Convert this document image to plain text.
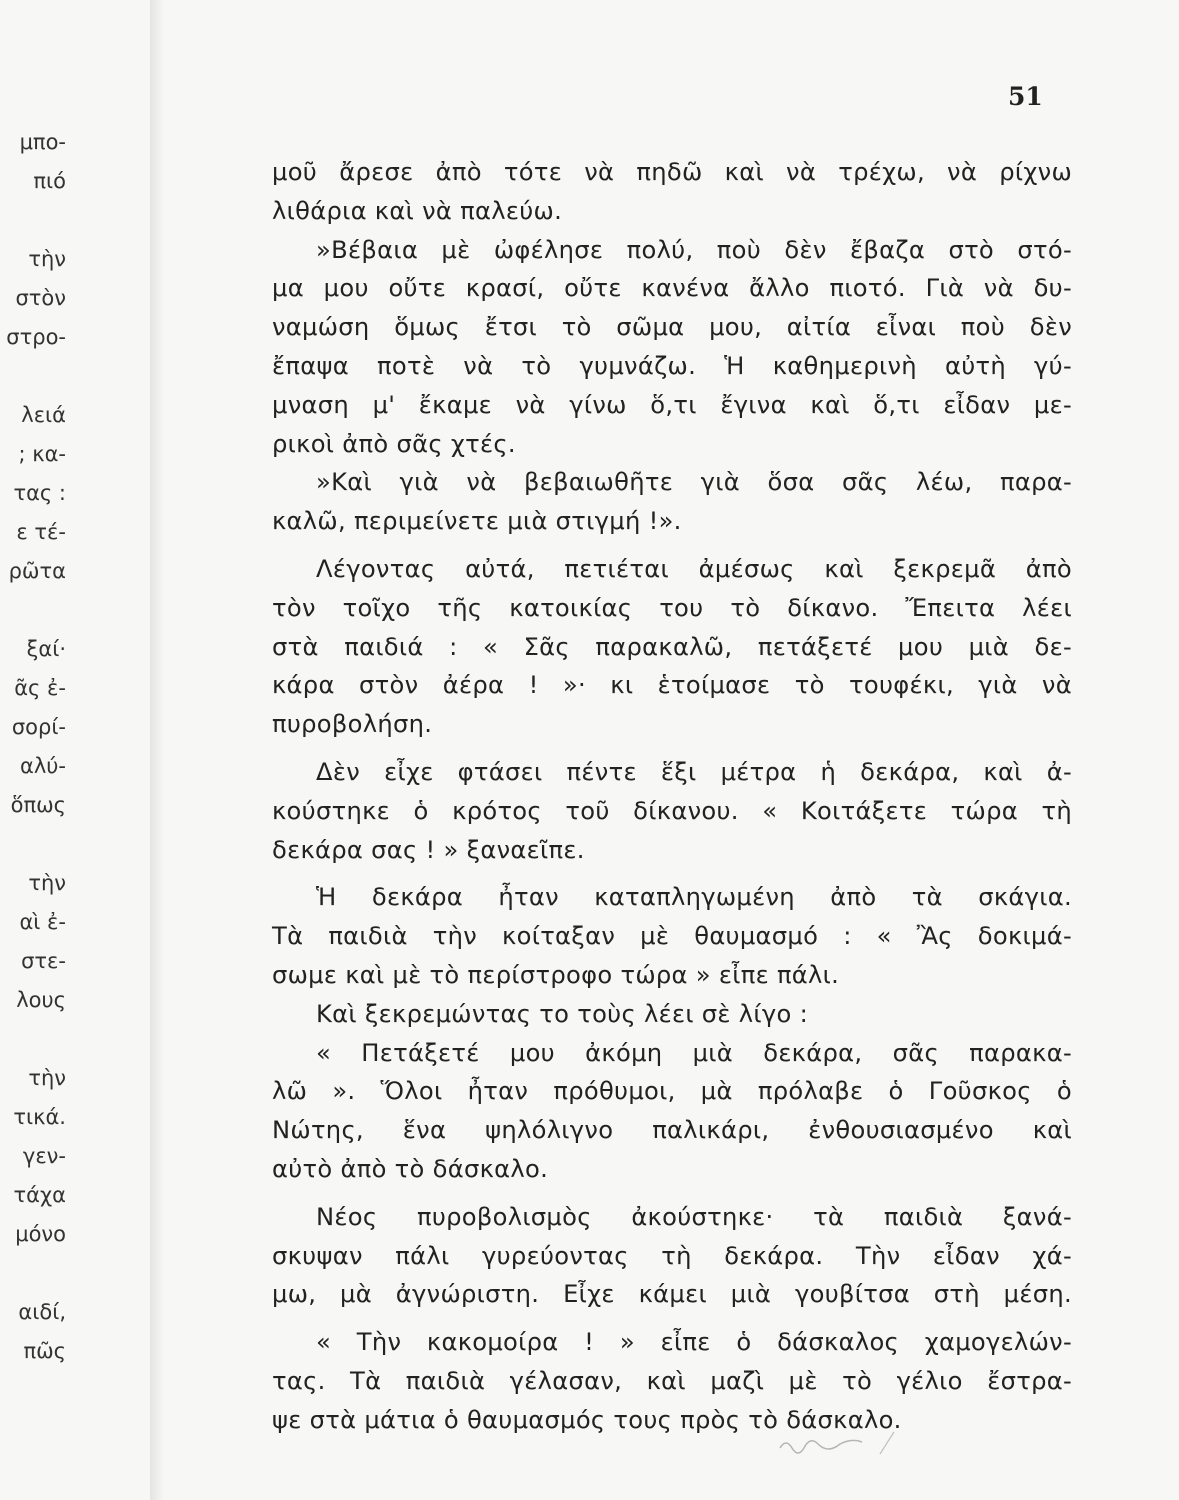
μπο-
πιό
τὴν
στὸν
στρο-
λειά
; κα-
τας :
ε τέ-
ρῶτα
ξαί·
ᾶς ἐ-
σορί-
αλύ-
ὅπως
τὴν
αὶ ἐ-
στε-
λους
τὴν
τικά.
γεν-
τάχα
μόνο
αιδί,
πῶς
51
μοῦ ἄρεσε ἀπὸ τότε νὰ πηδῶ καὶ νὰ τρέχω, νὰ ρίχνω
λιθάρια καὶ νὰ παλεύω.
»Βέβαια μὲ ὠφέλησε πολύ, ποὺ δὲν ἔβαζα στὸ στό-
μα μου οὔτε κρασί, οὔτε κανένα ἄλλο πιοτό. Γιὰ νὰ δυ-
ναμώση ὅμως ἔτσι τὸ σῶμα μου, αἰτία εἶναι ποὺ δὲν
ἔπαψα ποτὲ νὰ τὸ γυμνάζω. Ἡ καθημερινὴ αὐτὴ γύ-
μναση μ' ἔκαμε νὰ γίνω ὅ,τι ἔγινα καὶ ὅ,τι εἶδαν με-
ρικοὶ ἀπὸ σᾶς χτές.
»Καὶ γιὰ νὰ βεβαιωθῆτε γιὰ ὅσα σᾶς λέω, παρα-
καλῶ, περιμείνετε μιὰ στιγμή !».
Λέγοντας αὐτά, πετιέται ἀμέσως καὶ ξεκρεμᾶ ἀπὸ
τὸν τοῖχο τῆς κατοικίας του τὸ δίκανο. Ἔπειτα λέει
στὰ παιδιά : « Σᾶς παρακαλῶ, πετάξετέ μου μιὰ δε-
κάρα στὸν ἀέρα ! »· κι ἑτοίμασε τὸ τουφέκι, γιὰ νὰ
πυροβολήση.
Δὲν εἶχε φτάσει πέντε ἕξι μέτρα ἡ δεκάρα, καὶ ἀ-
κούστηκε ὁ κρότος τοῦ δίκανου. « Κοιτάξετε τώρα τὴ
δεκάρα σας ! » ξαναεῖπε.
Ἡ δεκάρα ἦταν καταπληγωμένη ἀπὸ τὰ σκάγια.
Τὰ παιδιὰ τὴν κοίταξαν μὲ θαυμασμό : « Ἂς δοκιμά-
σωμε καὶ μὲ τὸ περίστροφο τώρα » εἶπε πάλι.
Καὶ ξεκρεμώντας το τοὺς λέει σὲ λίγο :
« Πετάξετέ μου ἀκόμη μιὰ δεκάρα, σᾶς παρακα-
λῶ ». Ὅλοι ἦταν πρόθυμοι, μὰ πρόλαβε ὁ Γοῦσκος ὁ
Νώτης, ἕνα ψηλόλιγνο παλικάρι, ἐνθουσιασμένο καὶ
αὐτὸ ἀπὸ τὸ δάσκαλο.
Νέος πυροβολισμὸς ἀκούστηκε· τὰ παιδιὰ ξανά-
σκυψαν πάλι γυρεύοντας τὴ δεκάρα. Τὴν εἶδαν χά-
μω, μὰ ἀγνώριστη. Εἶχε κάμει μιὰ γουβίτσα στὴ μέση.
« Τὴν κακομοίρα ! » εἶπε ὁ δάσκαλος χαμογελών-
τας. Τὰ παιδιὰ γέλασαν, καὶ μαζὶ μὲ τὸ γέλιο ἔστρα-
ψε στὰ μάτια ὁ θαυμασμός τους πρὸς τὸ δάσκαλο.
